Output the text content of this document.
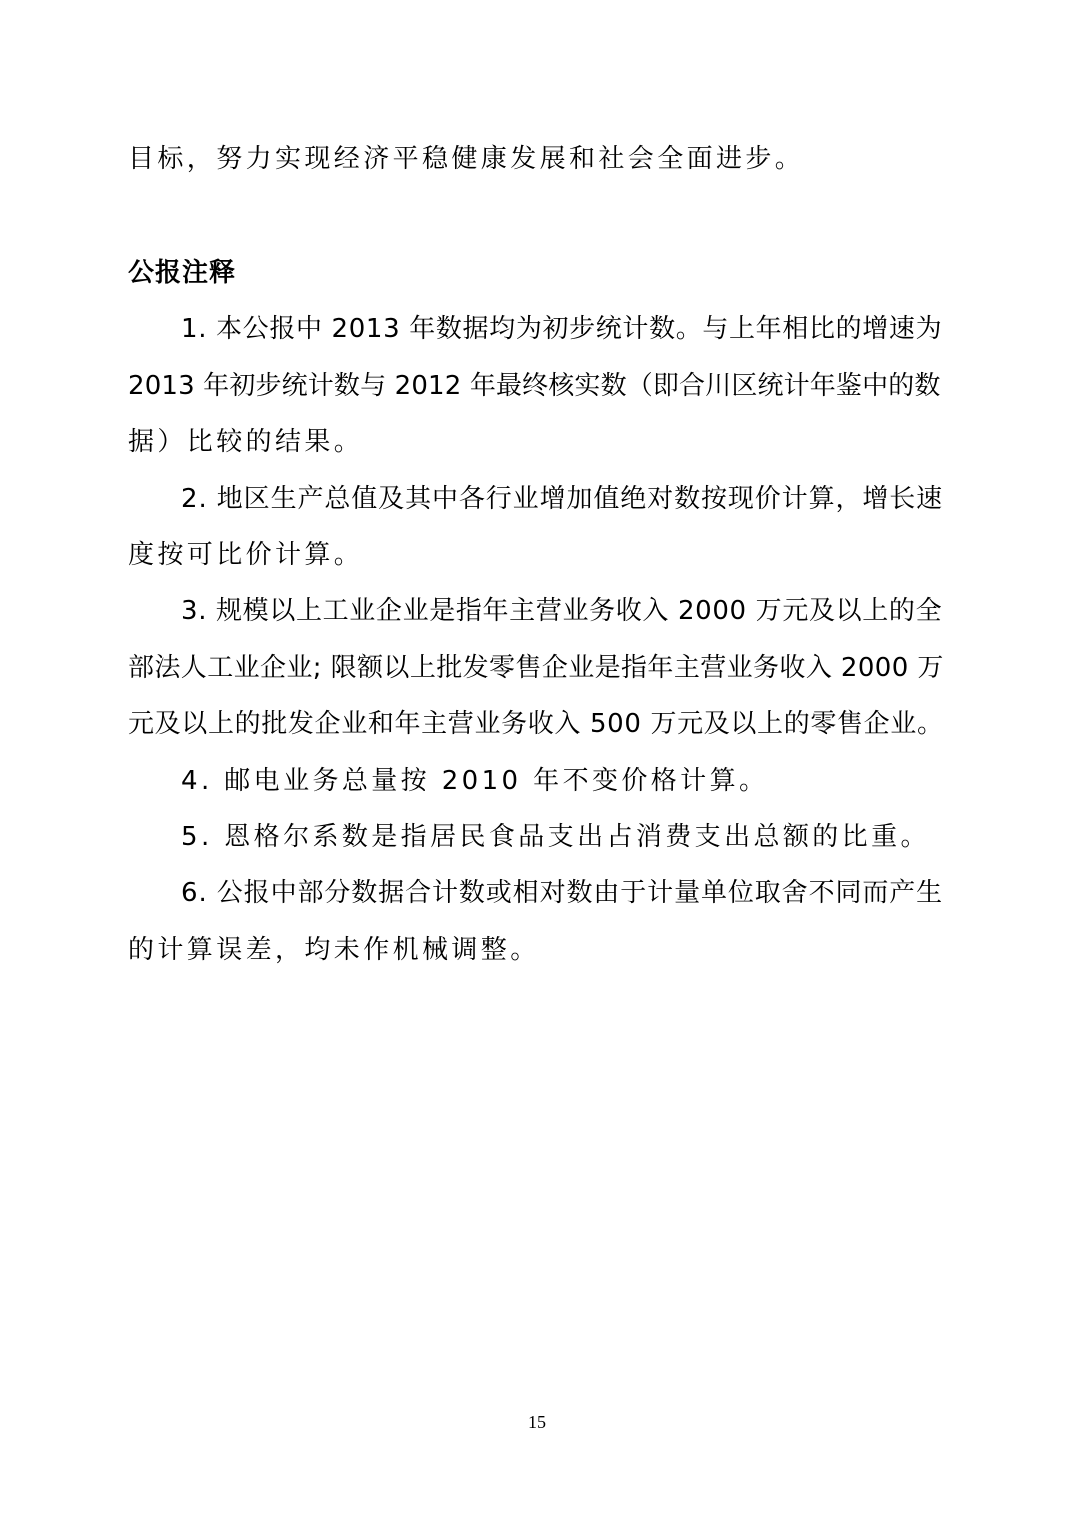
目标，努力实现经济平稳健康发展和社会全面进步。
公报注释
1. 本公报中 2013 年数据均为初步统计数。与上年相比的增速为
2013 年初步统计数与 2012 年最终核实数（即合川区统计年鉴中的数
据）比较的结果。
2. 地区生产总值及其中各行业增加值绝对数按现价计算，增长速
度按可比价计算。
3. 规模以上工业企业是指年主营业务收入 2000 万元及以上的全
部法人工业企业; 限额以上批发零售企业是指年主营业务收入 2000 万
元及以上的批发企业和年主营业务收入 500 万元及以上的零售企业。
4. 邮电业务总量按 2010 年不变价格计算。
5. 恩格尔系数是指居民食品支出占消费支出总额的比重。
6. 公报中部分数据合计数或相对数由于计量单位取舍不同而产生
的计算误差，均未作机械调整。
15
